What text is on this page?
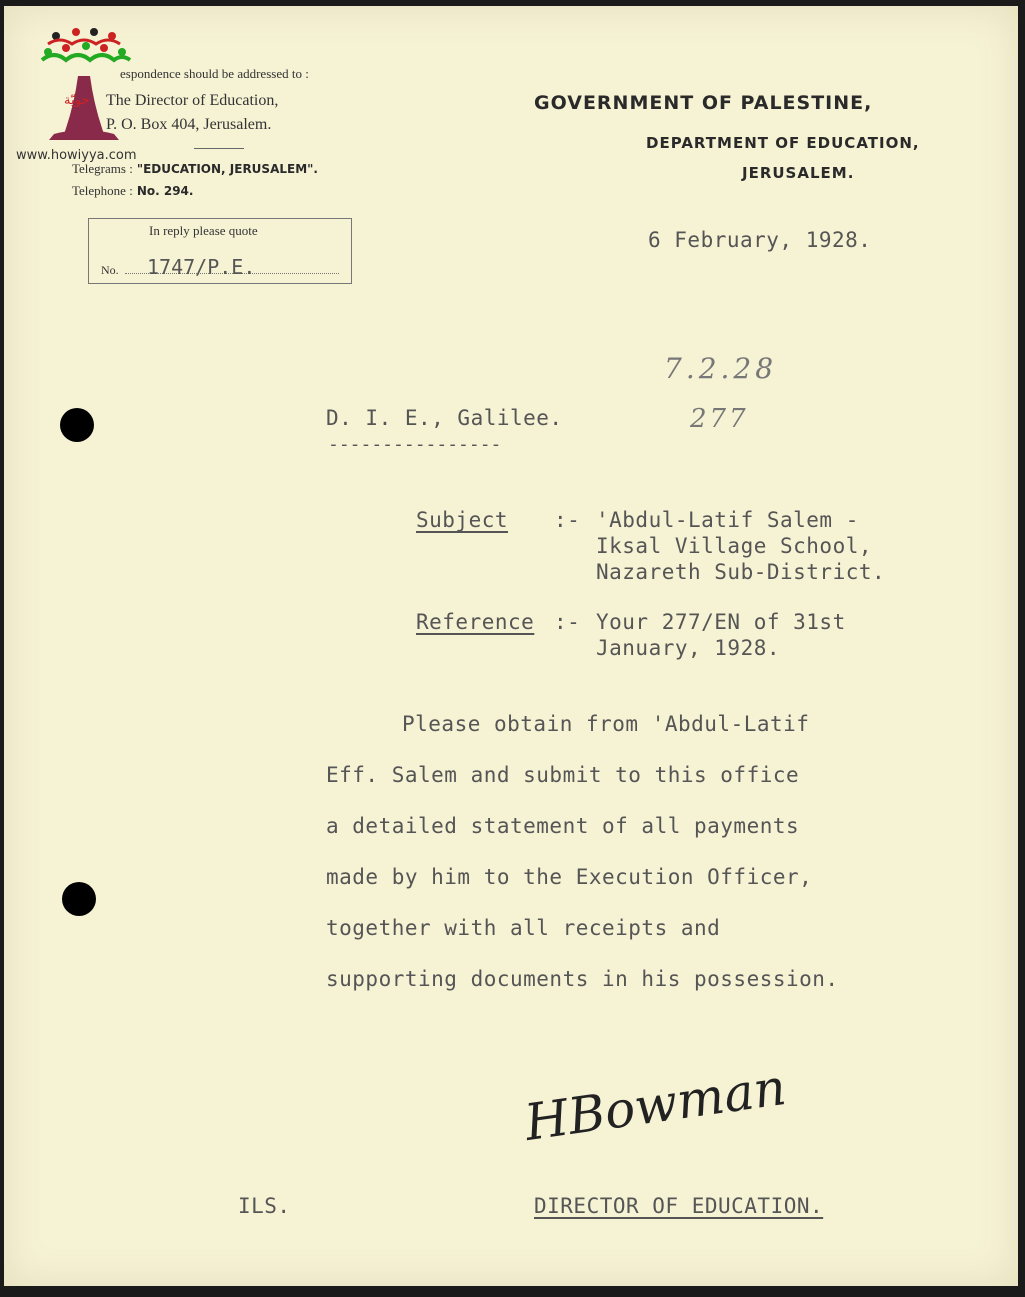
حويّة
www.howiyya.com
espondence should be addressed to :
The Director of Education,
P. O. Box 404, Jerusalem.
Telegrams : "EDUCATION, JERUSALEM".
Telephone : No. 294.
In reply please quote
No. 1747/P.E.
GOVERNMENT OF PALESTINE,
DEPARTMENT OF EDUCATION,
JERUSALEM.
6 February, 1928.
7.2.28
277
D. I. E., Galilee.
----------------
Subject :- 'Abdul-Latif Salem -
Iksal Village School,
Nazareth Sub-District.
Reference :- Your 277/EN of 31st
January, 1928.
Please obtain from 'Abdul-Latif
Eff. Salem and submit to this office
a detailed statement of all payments
made by him to the Execution Officer,
together with all receipts and
supporting documents in his possession.
HBowman
ILS.	DIRECTOR OF EDUCATION.
